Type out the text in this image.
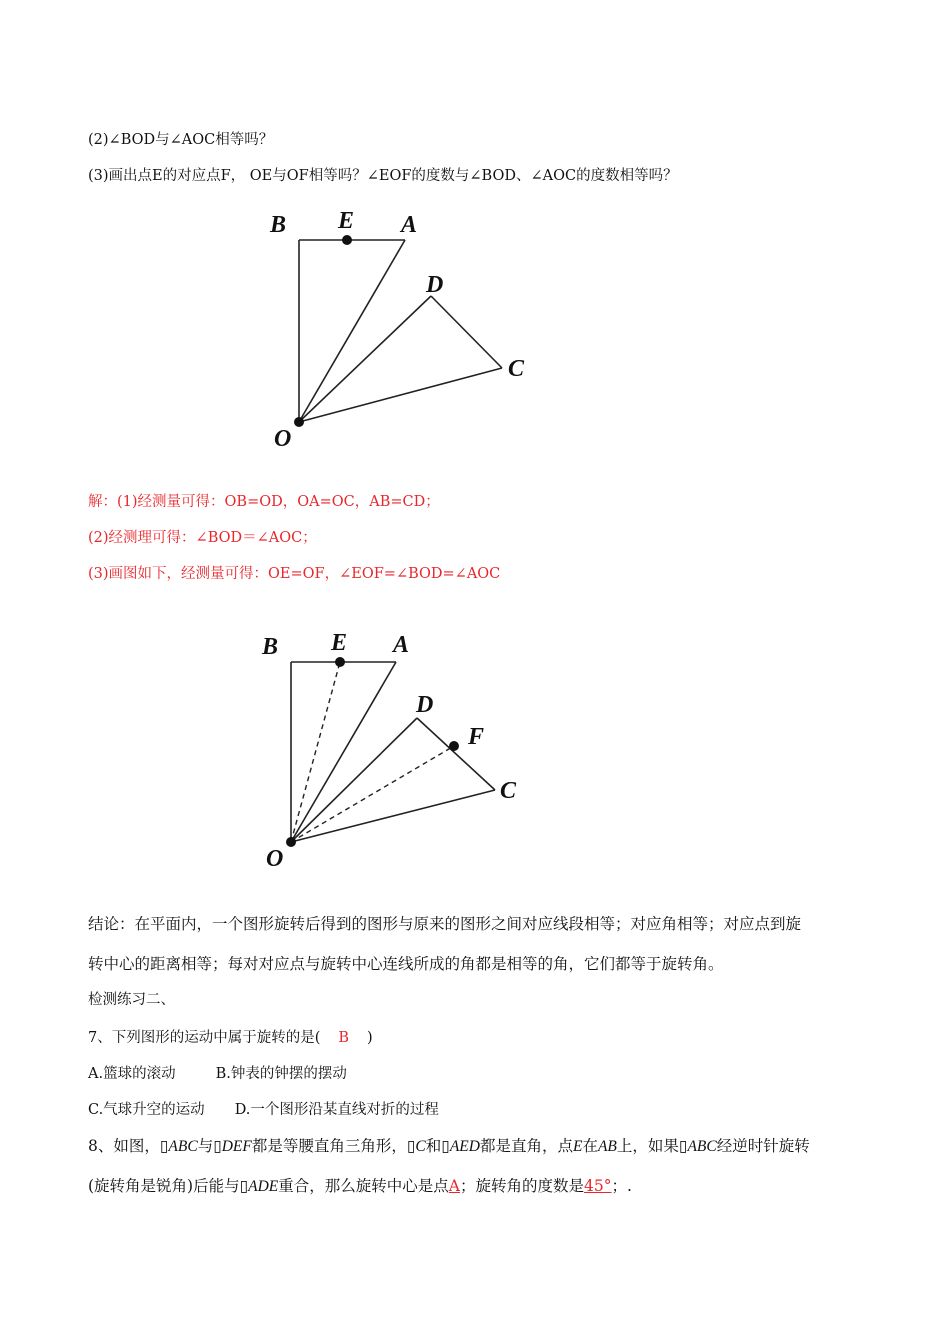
(2)∠BOD与∠AOC相等吗？
(3)画出点E的对应点F， OE与OF相等吗？∠EOF的度数与∠BOD、∠AOC的度数相等吗？
B E A
D
C
O
解：(1)经测量可得：OB=OD，OA=OC，AB=CD；
(2)经测理可得：∠BOD＝∠AOC；
(3)画图如下，经测量可得：OE=OF，∠EOF=∠BOD=∠AOC
B E A
D
F
C
O
结论：在平面内，一个图形旋转后得到的图形与原来的图形之间对应线段相等；对应角相等；对应点到旋
转中心的距离相等；每对对应点与旋转中心连线所成的角都是相等的角，它们都等于旋转角。
检测练习二、
7、下列图形的运动中属于旋转的是( B )
A.篮球的滚动	B.钟表的钟摆的摆动
C.气球升空的运动 D.一个图形沿某直线对折的过程
8、如图，▯ABC与▯DEF都是等腰直角三角形，▯C和▯AED都是直角，点E在AB上，如果▯ABC经逆时针旋转
(旋转角是锐角)后能与▯ADE重合，那么旋转中心是点A；旋转角的度数是45°；.
